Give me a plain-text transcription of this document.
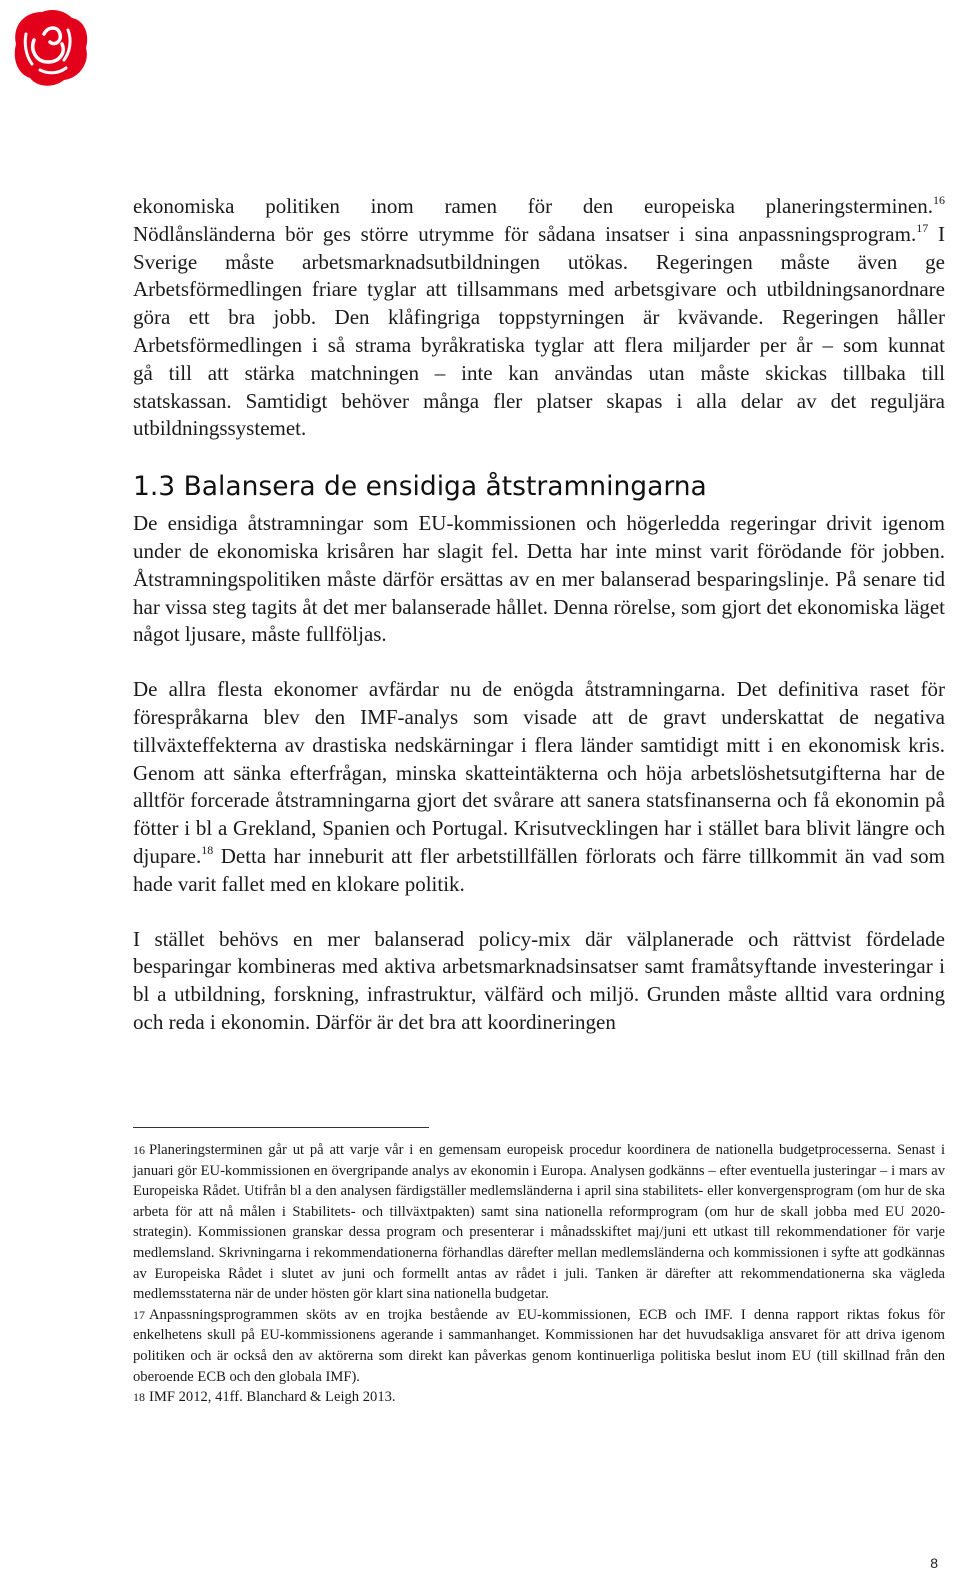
ekonomiska politiken inom ramen för den europeiska planeringsterminen.$^{16}$ Nödlånsländerna bör ges större utrymme för sådana insatser i sina anpassningsprogram.$^{17}$ I Sverige måste arbetsmarknadsutbildningen utökas. Regeringen måste även ge Arbetsförmedlingen friare tyglar att tillsammans med arbetsgivare och utbildningsanordnare göra ett bra jobb. Den klåfingriga toppstyrningen är kvävande. Regeringen håller Arbetsförmedlingen i så strama byråkratiska tyglar att flera miljarder per år – som kunnat gå till att stärka matchningen – inte kan användas utan måste skickas tillbaka till statskassan. Samtidigt behöver många fler platser skapas i alla delar av det reguljära utbildningssystemet.

1.3 Balansera de ensidiga åtstramningarna

De ensidiga åtstramningar som EU-kommissionen och högerledda regeringar drivit igenom under de ekonomiska krisåren har slagit fel. Detta har inte minst varit förödande för jobben. Åtstramningspolitiken måste därför ersättas av en mer balanserad besparingslinje. På senare tid har vissa steg tagits åt det mer balanserade hållet. Denna rörelse, som gjort det ekonomiska läget något ljusare, måste fullföljas.

De allra flesta ekonomer avfärdar nu de enögda åtstramningarna. Det definitiva raset för förespråkarna blev den IMF-analys som visade att de gravt underskattat de negativa tillväxteffekterna av drastiska nedskärningar i flera länder samtidigt mitt i en ekonomisk kris. Genom att sänka efterfrågan, minska skatteintäkterna och höja arbetslöshetsutgifterna har de alltför forcerade åtstramningarna gjort det svårare att sanera statsfinanserna och få ekonomin på fötter i bl a Grekland, Spanien och Portugal. Krisutvecklingen har i stället bara blivit längre och djupare.$^{18}$ Detta har inneburit att fler arbetstillfällen förlorats och färre tillkommit än vad som hade varit fallet med en klokare politik.

I stället behövs en mer balanserad policy-mix där välplanerade och rättvist fördelade besparingar kombineras med aktiva arbetsmarknadsinsatser samt framåtsyftande investeringar i bl a utbildning, forskning, infrastruktur, välfärd och miljö. Grunden måste alltid vara ordning och reda i ekonomin. Därför är det bra att koordineringen

16 Planeringsterminen går ut på att varje vår i en gemensam europeisk procedur koordinera de nationella budgetprocesserna. Senast i januari gör EU-kommissionen en övergripande analys av ekonomin i Europa. Analysen godkänns – efter eventuella justeringar – i mars av Europeiska Rådet. Utifrån bl a den analysen färdigställer medlemsländerna i april sina stabilitets- eller konvergensprogram (om hur de ska arbeta för att nå målen i Stabilitets- och tillväxtpakten) samt sina nationella reformprogram (om hur de skall jobba med EU 2020-strategin). Kommissionen granskar dessa program och presenterar i månadsskiftet maj/juni ett utkast till rekommendationer för varje medlemsland. Skrivningarna i rekommendationerna förhandlas därefter mellan medlemsländerna och kommissionen i syfte att godkännas av Europeiska Rådet i slutet av juni och formellt antas av rådet i juli. Tanken är därefter att rekommendationerna ska vägleda medlemsstaterna när de under hösten gör klart sina nationella budgetar.

17 Anpassningsprogrammen sköts av en trojka bestående av EU-kommissionen, ECB och IMF. I denna rapport riktas fokus för enkelhetens skull på EU-kommissionens agerande i sammanhanget. Kommissionen har det huvudsakliga ansvaret för att driva igenom politiken och är också den av aktörerna som direkt kan påverkas genom kontinuerliga politiska beslut inom EU (till skillnad från den oberoende ECB och den globala IMF).

18 IMF 2012, 41ff. Blanchard & Leigh 2013.

8
